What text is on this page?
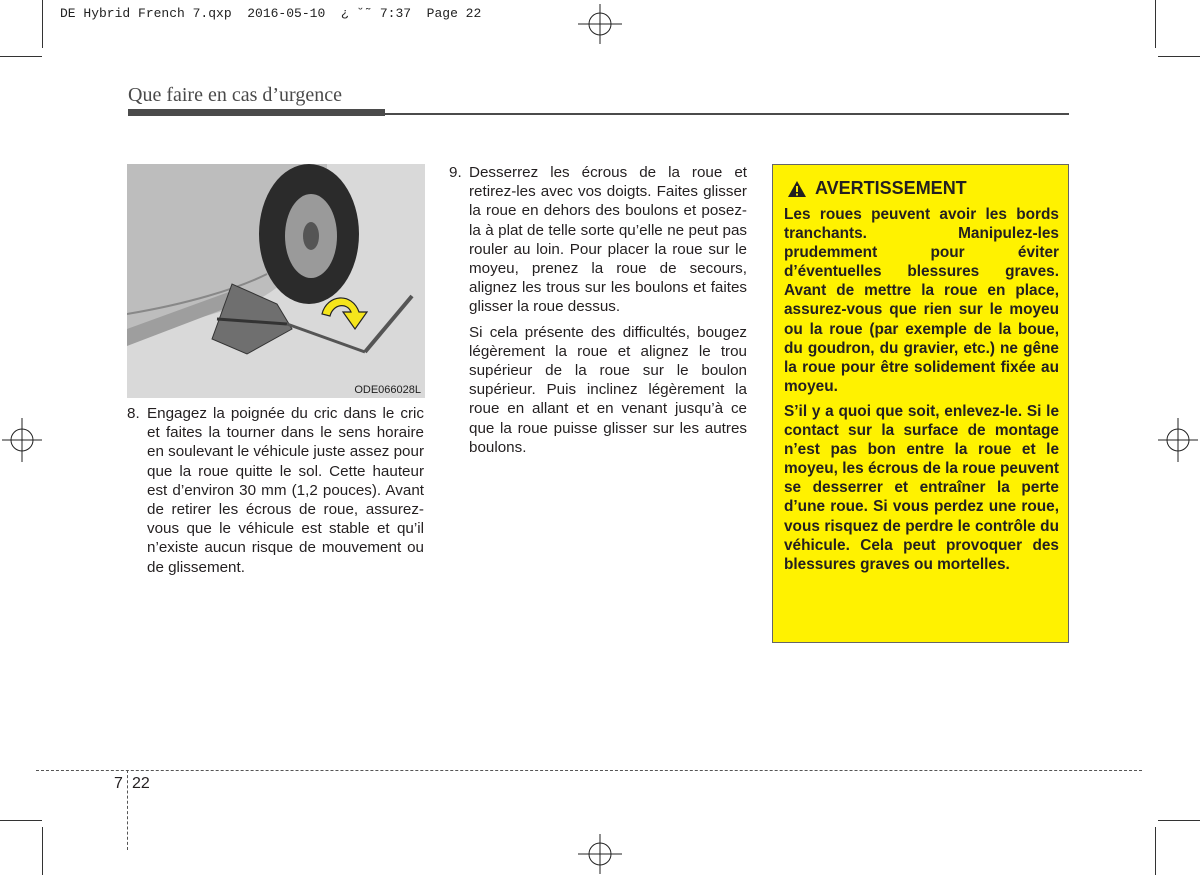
DE Hybrid French 7.qxp  2016-05-10  ¿ ˘˜ 7:37  Page 22
Que faire en cas d’urgence
ODE066028L
8. Engagez la poignée du cric dans le cric et faites la tourner dans le sens horaire en soulevant le véhicule juste assez pour que la roue quitte le sol. Cette hauteur est d’environ 30 mm (1,2 pouces). Avant de retirer les écrous de roue, assurez-vous que le véhicule est stable et qu’il n’existe aucun risque de mouvement ou de glissement.

9. Desserrez les écrous de la roue et retirez-les avec vos doigts. Faites glisser la roue en dehors des boulons et posez-la à plat de telle sorte qu’elle ne peut pas rouler au loin. Pour placer la roue sur le moyeu, prenez la roue de secours, alignez les trous sur les boulons et faites glisser la roue dessus.

Si cela présente des difficultés, bougez légèrement la roue et alignez le trou supérieur de la roue sur le boulon supérieur. Puis inclinez légèrement la roue en allant et en venant jusqu’à ce que la roue puisse glisser sur les autres boulons.

AVERTISSEMENT

Les roues peuvent avoir les bords tranchants. Manipulez-les prudemment pour éviter d’éventuelles blessures graves. Avant de mettre la roue en place, assurez-vous que rien sur le moyeu ou la roue (par exemple de la boue, du goudron, du gravier, etc.) ne gêne la roue pour être solidement fixée au moyeu.

S’il y a quoi que soit, enlevez-le. Si le contact sur la surface de montage n’est pas bon entre la roue et le moyeu, les écrous de la roue peuvent se desserrer et entraîner la perte d’une roue. Si vous perdez une roue, vous risquez de perdre le contrôle du véhicule. Cela peut provoquer des blessures graves ou mortelles.

7 22
